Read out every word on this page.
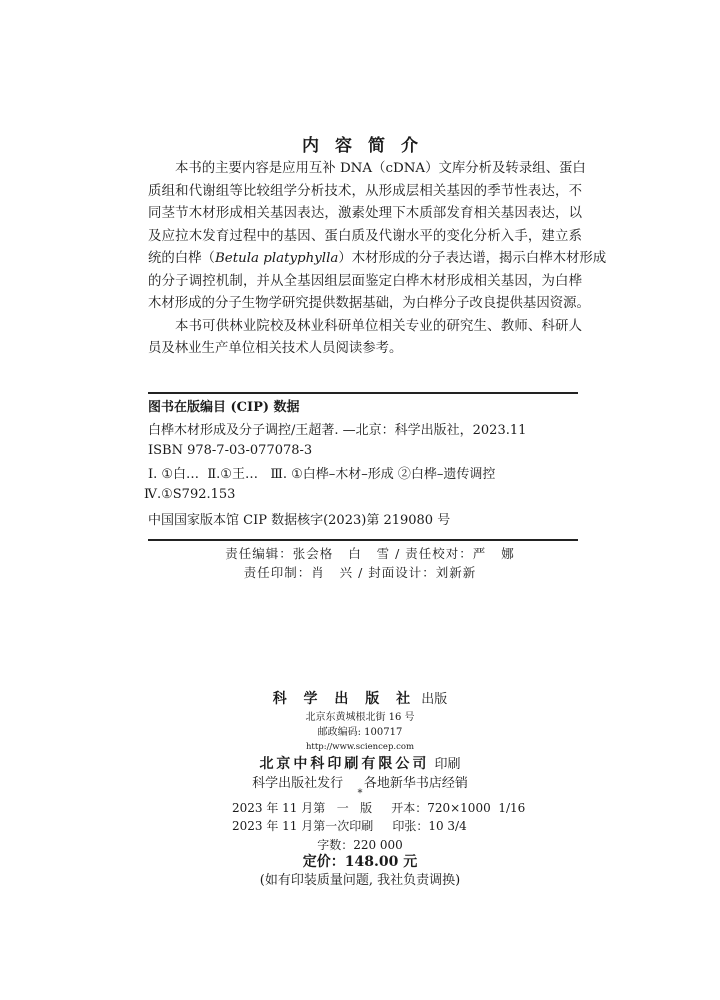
内容简介
本书的主要内容是应用互补 DNA（cDNA）文库分析及转录组、蛋白
质组和代谢组等比较组学分析技术，从形成层相关基因的季节性表达，不
同茎节木材形成相关基因表达，激素处理下木质部发育相关基因表达，以
及应拉木发育过程中的基因、蛋白质及代谢水平的变化分析入手，建立系
统的白桦（Betula platyphylla）木材形成的分子表达谱，揭示白桦木材形成
的分子调控机制，并从全基因组层面鉴定白桦木材形成相关基因，为白桦
木材形成的分子生物学研究提供数据基础，为白桦分子改良提供基因资源。
本书可供林业院校及林业科研单位相关专业的研究生、教师、科研人
员及林业生产单位相关技术人员阅读参考。
图书在版编目 (CIP) 数据
白桦木材形成及分子调控/王超著. —北京：科学出版社，2023.11
ISBN 978-7-03-077078-3
Ⅰ. ①白…  Ⅱ.①王…   Ⅲ. ①白桦–木材–形成 ②白桦–遗传调控
Ⅳ.①S792.153
中国国家版本馆 CIP 数据核字(2023)第 219080 号
责任编辑：张会格   白   雪 / 责任校对：严   娜
责任印制：肖   兴 / 封面设计：刘新新
科 学 出 版 社 出版
北京东黄城根北街 16 号
邮政编码: 100717
http://www.sciencep.com
北京中科印刷有限公司 印刷
科学出版社发行     各地新华书店经销
*
2023 年 11 月第   一   版     开本：720×1000  1/16
2023 年 11 月第一次印刷     印张：10 3/4
字数：220 000
定价：148.00 元
(如有印装质量问题, 我社负责调换)
